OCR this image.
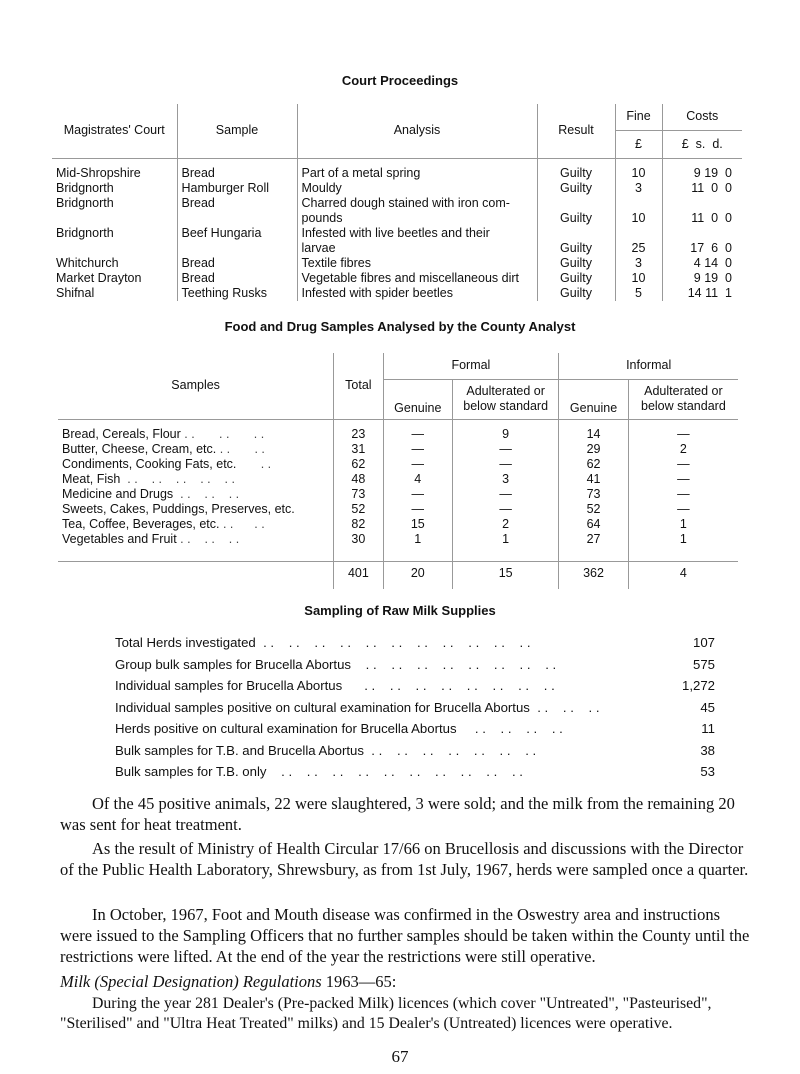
Court Proceedings
Magistrates' Court	Sample	Analysis	Result	Fine	Costs
				£	£  s.  d.

Mid-Shropshire	Bread	Part of a metal spring	Guilty	10	9 19  0
Bridgnorth	Hamburger Roll	Mouldy	Guilty	3	11  0  0
Bridgnorth	Bread	Charred dough stained with iron com-			
		pounds	Guilty	10	11  0  0
Bridgnorth	Beef Hungaria	Infested with live beetles and their			
		larvae	Guilty	25	17  6  0
Whitchurch	Bread	Textile fibres	Guilty	3	4 14  0
Market Drayton	Bread	Vegetable fibres and miscellaneous dirt	Guilty	10	9 19  0
Shifnal	Teething Rusks	Infested with spider beetles	Guilty	5	14 11  1
Food and Drug Samples Analysed by the County Analyst
Samples	Total	Formal		Informal	
		Genuine	Adulterated or below standard	Genuine	Adulterated or below standard

Bread, Cereals, Flour . .       . .       . .	23	—	9	14	—
Butter, Cheese, Cream, etc. . .       . .	31	—	—	29	2
Condiments, Cooking Fats, etc.       . .	62	—	—	62	—
Meat, Fish  . .    . .    . .    . .    . .	48	4	3	41	—
Medicine and Drugs  . .    . .    . .	73	—	—	73	—
Sweets, Cakes, Puddings, Preserves, etc.	52	—	—	52	—
Tea, Coffee, Beverages, etc. . .      . .	82	15	2	64	1
Vegetables and Fruit . .    . .    . .	30	1	1	27	1

	401	20	15	362	4
Sampling of Raw Milk Supplies
Total Herds investigated  . .    . .    . .    . .    . .    . .    . .    . .    . .    . .    . .	107
Group bulk samples for Brucella Abortus    . .    . .    . .    . .    . .    . .    . .    . .	575
Individual samples for Brucella Abortus      . .    . .    . .    . .    . .    . .    . .    . .	1,272
Individual samples positive on cultural examination for Brucella Abortus  . .    . .    . .	45
Herds positive on cultural examination for Brucella Abortus     . .    . .    . .    . .	11
Bulk samples for T.B. and Brucella Abortus  . .    . .    . .    . .    . .    . .    . .	38
Bulk samples for T.B. only    . .    . .    . .    . .    . .    . .    . .    . .    . .    . .	53
Of the 45 positive animals, 22 were slaughtered, 3 were sold; and the milk from the remaining 20 was sent for heat treatment.
As the result of Ministry of Health Circular 17/66 on Brucellosis and discussions with the Director of the Public Health Laboratory, Shrewsbury, as from 1st July, 1967, herds were sampled once a quarter.
In October, 1967, Foot and Mouth disease was confirmed in the Oswestry area and instructions were issued to the Sampling Officers that no further samples should be taken within the County until the restrictions were lifted. At the end of the year the restrictions were still operative.
Milk (Special Designation) Regulations 1963—65:
During the year 281 Dealer's (Pre-packed Milk) licences (which cover "Untreated", "Pasteurised", "Sterilised" and "Ultra Heat Treated" milks) and 15 Dealer's (Untreated) licences were operative.
67
